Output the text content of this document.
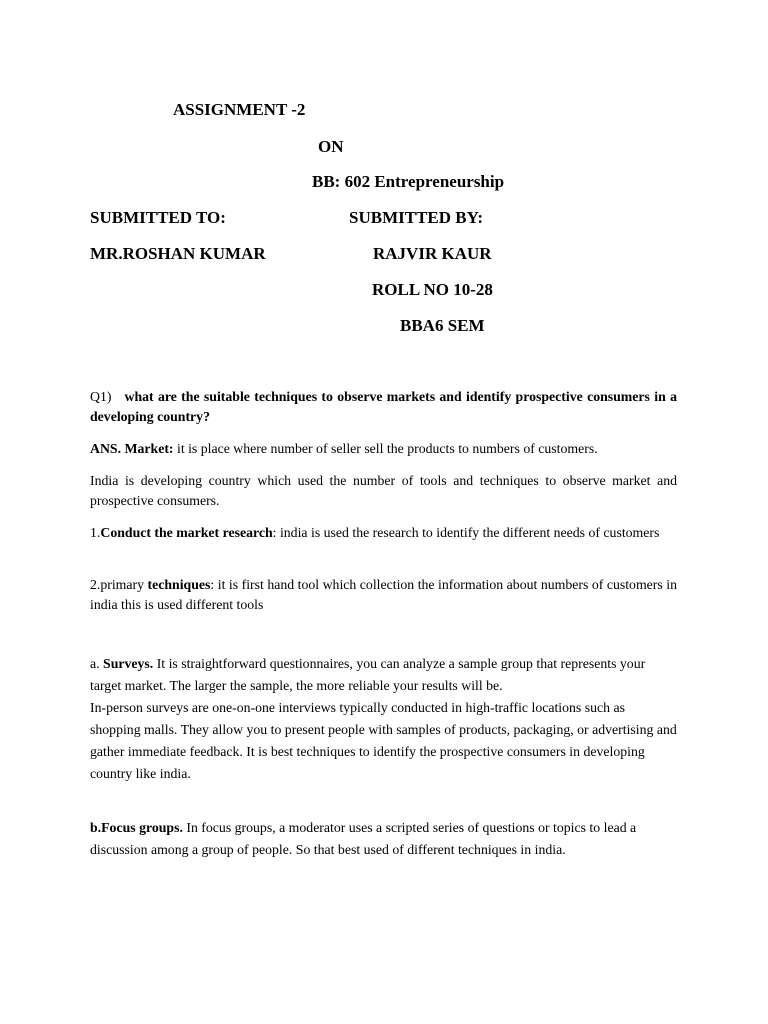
ASSIGNMENT -2
ON
BB: 602 Entrepreneurship
SUBMITTED TO:	SUBMITTED BY:
MR.ROSHAN KUMAR	RAJVIR KAUR
ROLL NO 10-28
BBA6 SEM
Q1) what are the suitable techniques to observe markets and identify prospective consumers in a developing country?
ANS. Market: it is place where number of seller sell the products to numbers of customers.
India is developing country which used the number of tools and techniques to observe market and prospective consumers.
1.Conduct the market research: india is used the research to identify the different needs of customers
2.primary techniques: it is first hand tool which collection the information about numbers of customers in india this is used different tools
a. Surveys. It is straightforward questionnaires, you can analyze a sample group that represents your target market. The larger the sample, the more reliable your results will be.
In-person surveys are one-on-one interviews typically conducted in high-traffic locations such as shopping malls. They allow you to present people with samples of products, packaging, or advertising and gather immediate feedback. It is best techniques to identify the prospective consumers in developing country like india.
b.Focus groups. In focus groups, a moderator uses a scripted series of questions or topics to lead a discussion among a group of people. So that best used of different techniques in india.
